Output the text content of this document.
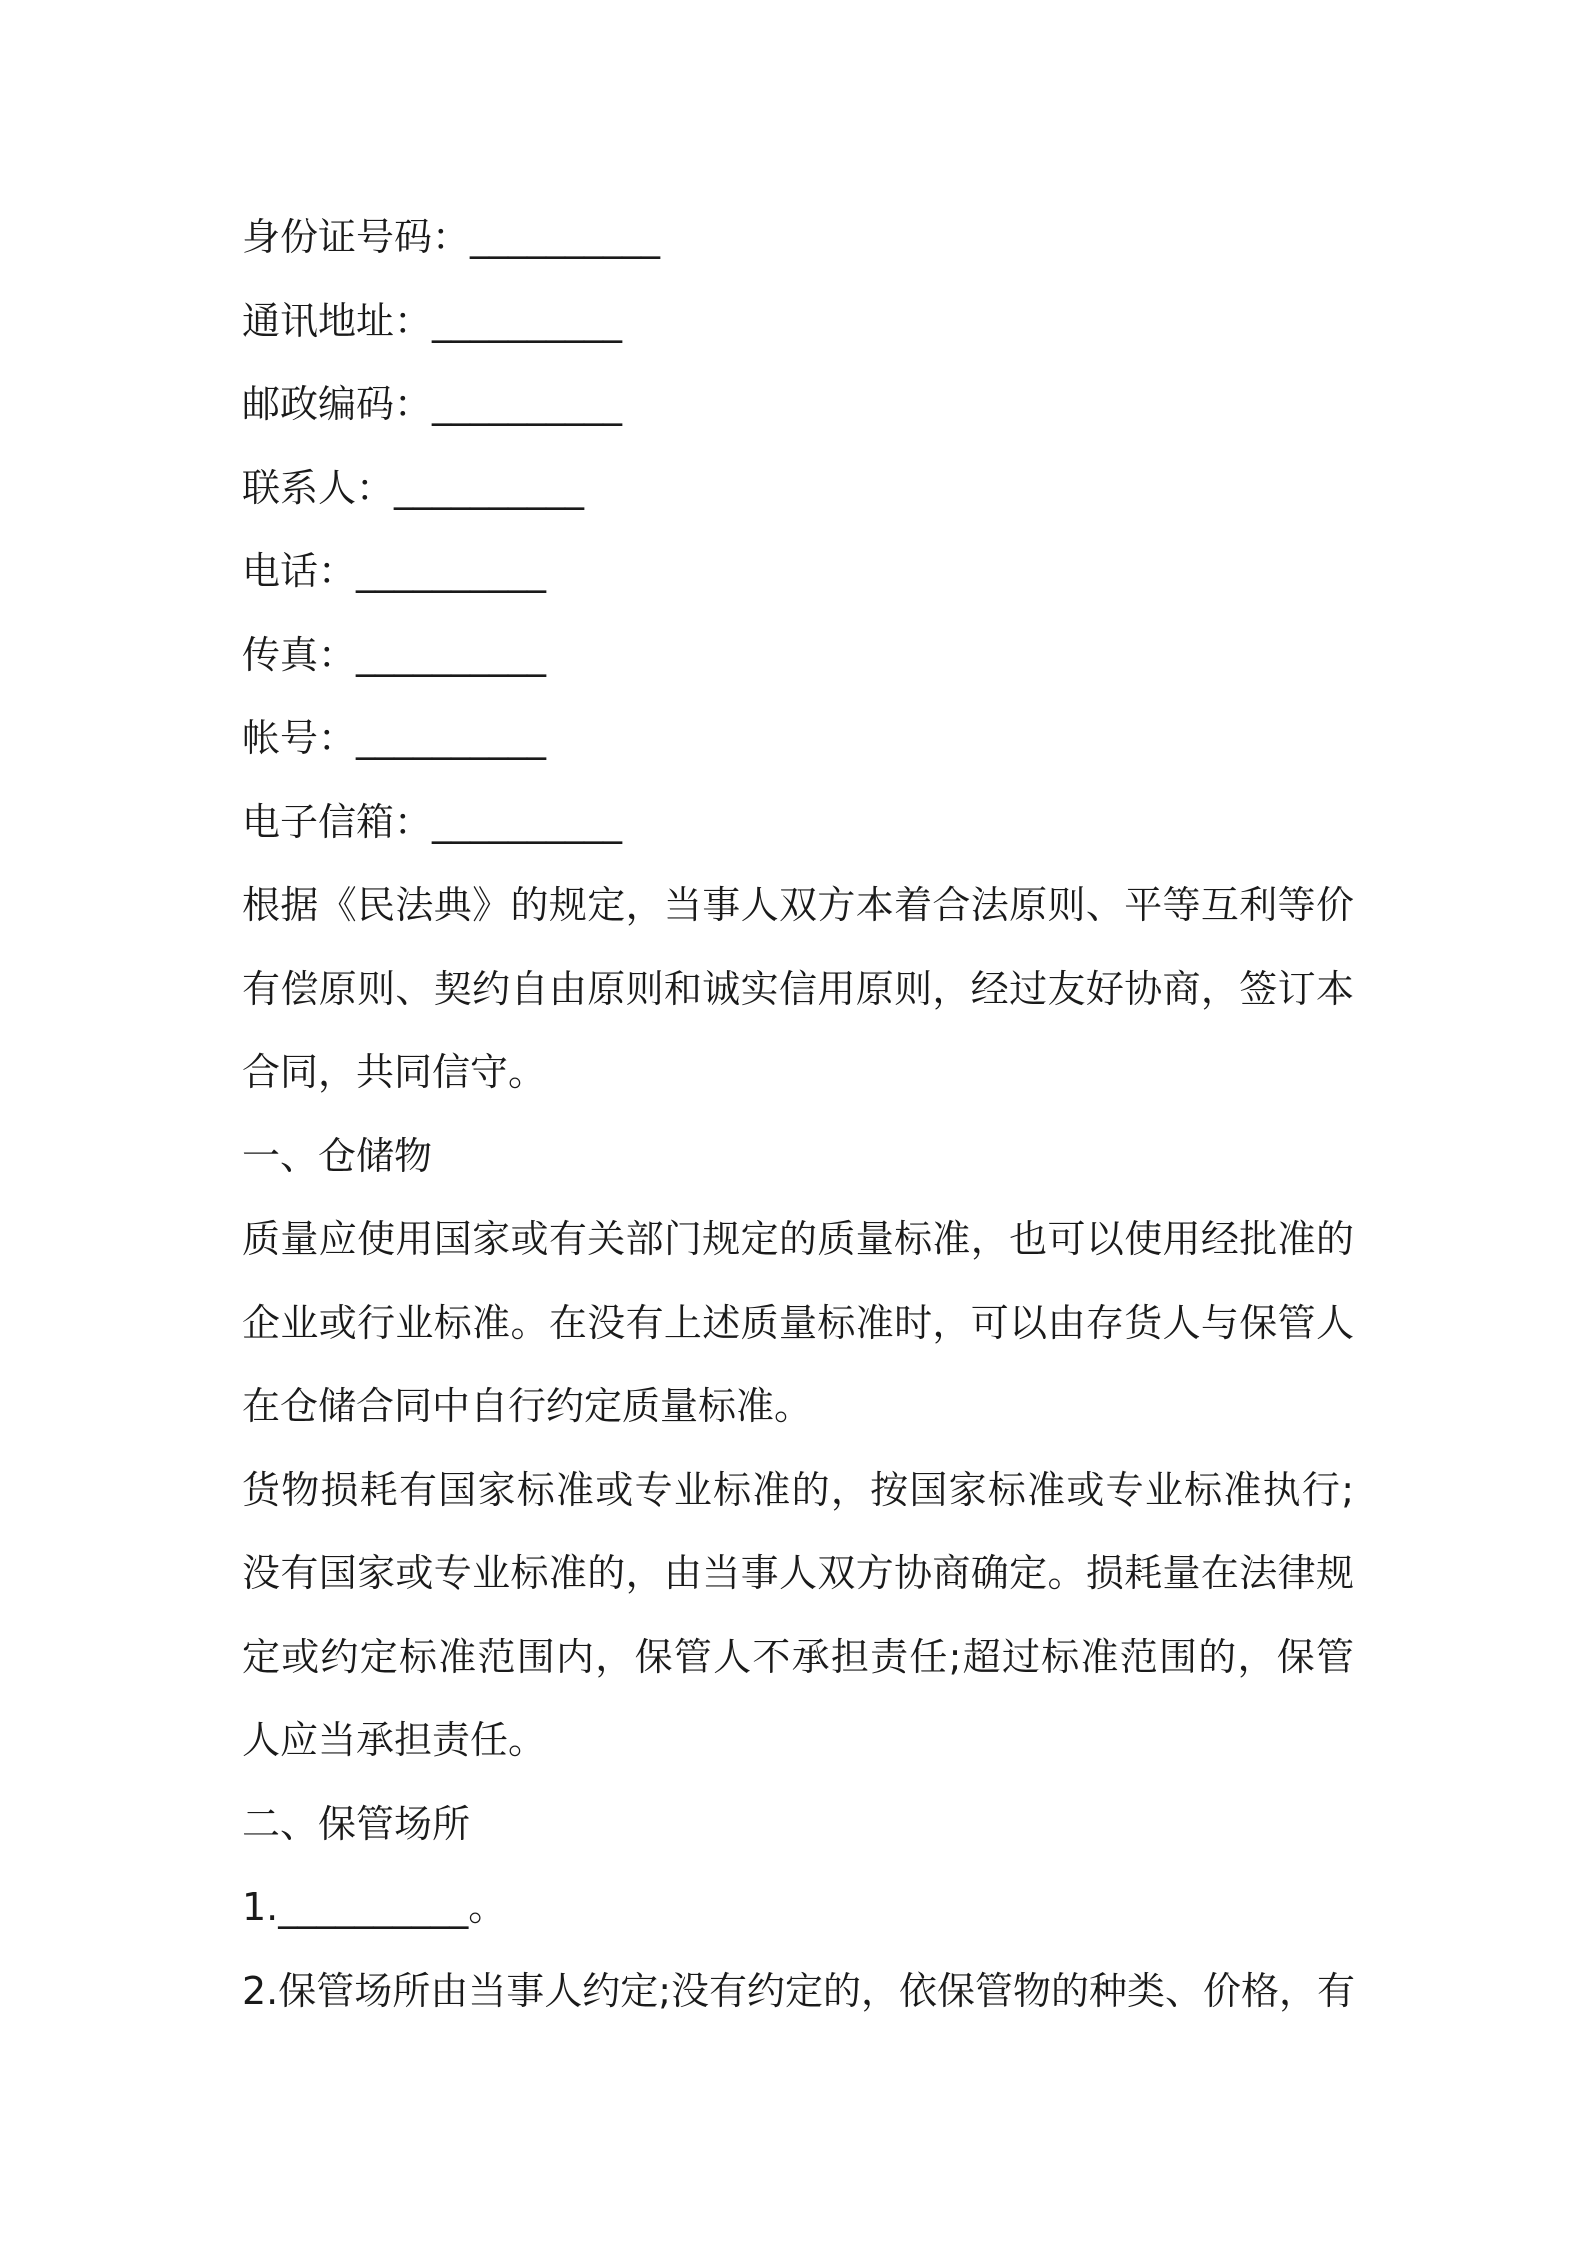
身份证号码：__________
通讯地址：__________
邮政编码：__________
联系人：__________
电话：__________
传真：__________
帐号：__________
电子信箱：__________
根据《民法典》的规定，当事人双方本着合法原则、平等互利等价有偿原则、契约自由原则和诚实信用原则，经过友好协商，签订本合同，共同信守。
一、仓储物
质量应使用国家或有关部门规定的质量标准，也可以使用经批准的企业或行业标准。在没有上述质量标准时，可以由存货人与保管人在仓储合同中自行约定质量标准。
货物损耗有国家标准或专业标准的，按国家标准或专业标准执行;没有国家或专业标准的，由当事人双方协商确定。损耗量在法律规定或约定标准范围内，保管人不承担责任;超过标准范围的，保管人应当承担责任。
二、保管场所
1.__________。
2.保管场所由当事人约定;没有约定的，依保管物的种类、价格，有
